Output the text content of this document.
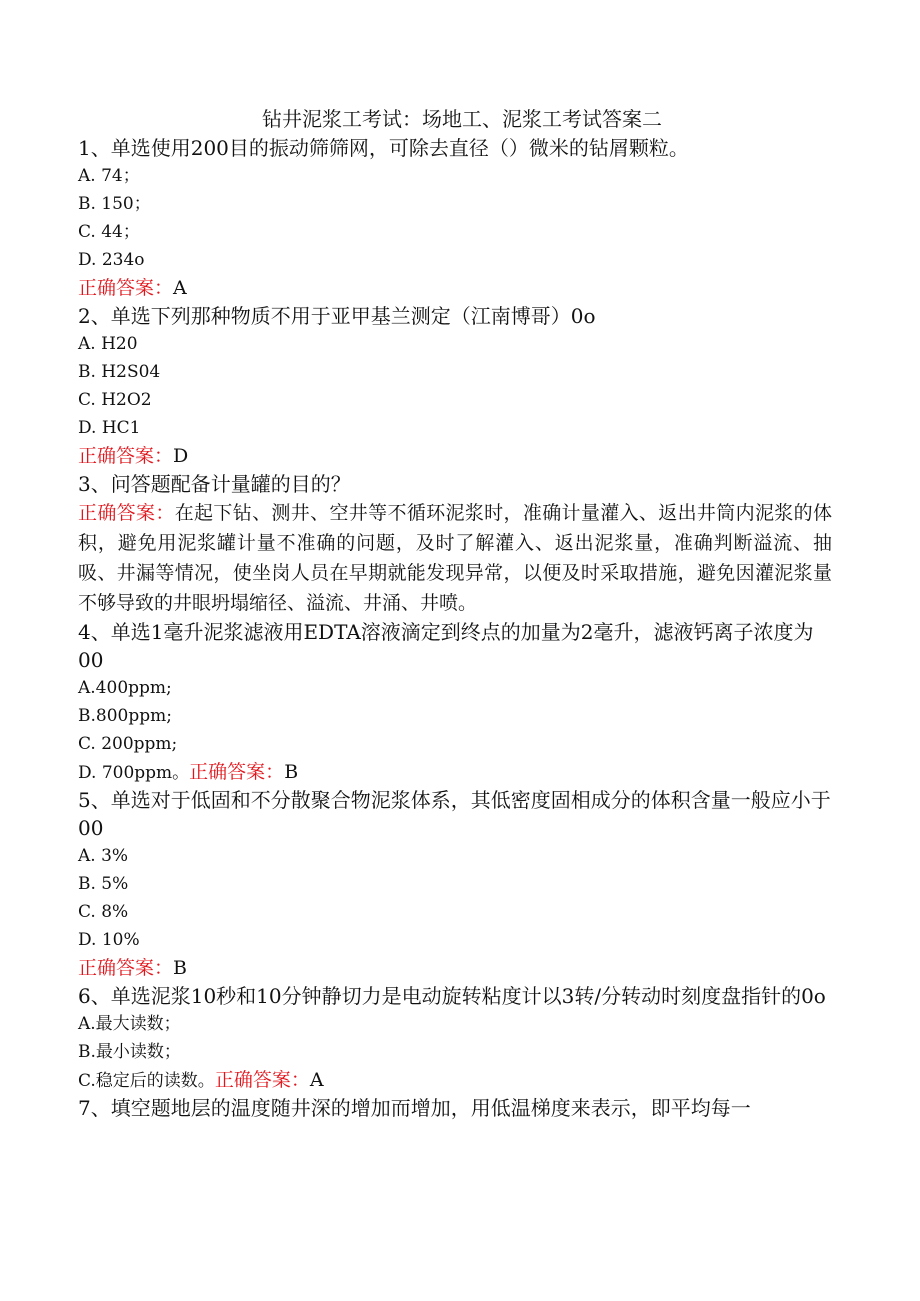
钻井泥浆工考试：场地工、泥浆工考试答案二
1、单选使用200目的振动筛筛网，可除去直径（）微米的钻屑颗粒。
A. 74；
B. 150；
C. 44；
D. 234o
正确答案：A
2、单选下列那种物质不用于亚甲基兰测定（江南博哥）0o
A. H20
B. H2S04
C. H2O2
D. HC1
正确答案：D
3、问答题配备计量罐的目的？
正确答案：在起下钻、测井、空井等不循环泥浆时，准确计量灌入、返出井筒内泥浆的体积，避免用泥浆罐计量不准确的问题，及时了解灌入、返出泥浆量，准确判断溢流、抽吸、井漏等情况，使坐岗人员在早期就能发现异常，以便及时采取措施，避免因灌泥浆量不够导致的井眼坍塌缩径、溢流、井涌、井喷。
4、单选1毫升泥浆滤液用EDTA溶液滴定到终点的加量为2毫升，滤液钙离子浓度为00
A.400ppm;
B.800ppm;
C. 200ppm;
D. 700ppm。正确答案：B
5、单选对于低固和不分散聚合物泥浆体系，其低密度固相成分的体积含量一般应小于00
A. 3%
B. 5%
C. 8%
D. 10%
正确答案：B
6、单选泥浆10秒和10分钟静切力是电动旋转粘度计以3转/分转动时刻度盘指针的0o
A.最大读数；
B.最小读数；
C.稳定后的读数。正确答案：A
7、填空题地层的温度随井深的增加而增加，用低温梯度来表示，即平均每一
